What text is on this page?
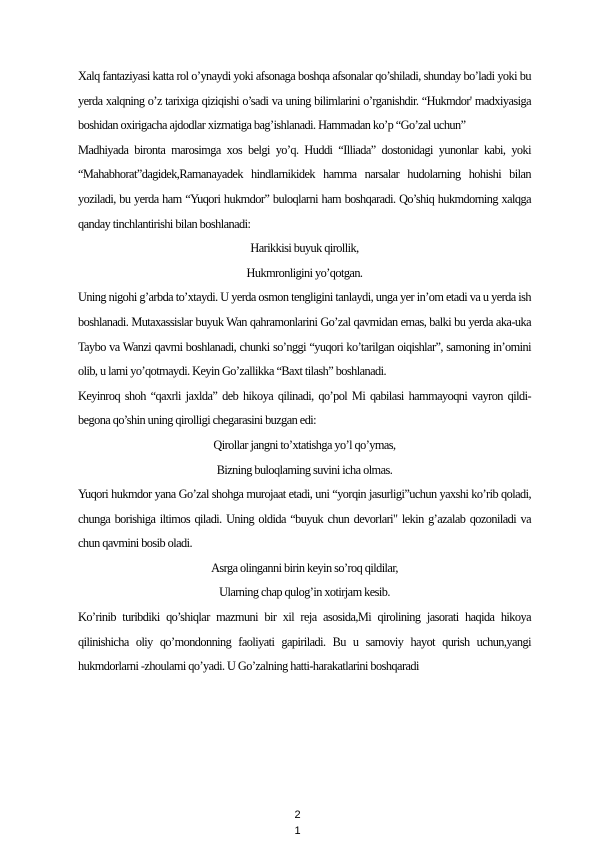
Xalq fantaziyasi katta rol o’ynaydi yoki afsonaga boshqa afsonalar qo’shiladi, shunday bo’ladi yoki bu yerda xalqning o’z tarixiga qiziqishi o’sadi va uning bilimlarini o’rganishdir. “Hukmdor' madxiyasiga boshidan oxirigacha ajdodlar xizmatiga bag’ishlanadi. Hammadan ko’p “Go’zal uchun”

Madhiyada bironta marosimga xos belgi yo’q. Huddi “Illiada” dostonidagi yunonlar kabi, yoki “Mahabhorat”dagidek,Ramanayadek hindlarnikidek hamma narsalar hudolarning hohishi bilan yoziladi, bu yerda ham “Yuqori hukmdor” buloqlarni ham boshqaradi. Qo’shiq hukmdorning xalqga qanday tinchlantirishi bilan boshlanadi:

Harikkisi buyuk qirollik,

Hukmronligini yo’qotgan.

Uning nigohi g’arbda to’xtaydi. U yerda osmon tengligini tanlaydi, unga yer in’om etadi va u yerda ish boshlanadi. Mutaxassislar buyuk Wan qahramonlarini Go’zal qavmidan emas, balki bu yerda aka-uka Taybo va Wanzi qavmi boshlanadi, chunki so’nggi “yuqori ko’tarilgan oiqishlar”, samoning in’omini olib, u lami yo’qotmaydi. Keyin Go’zallikka “Baxt tilash” boshlanadi.

Keyinroq shoh “qaxrli jaxlda” deb hikoya qilinadi, qo’pol Mi qabilasi hammayoqni vayron qildi-begona qo’shin uning qirolligi chegarasini buzgan edi:

Qirollar jangni to’xtatishga yo’l qo’ymas,

Bizning buloqlaming suvini icha olmas.

Yuqori hukmdor yana Go’zal shohga murojaat etadi, uni “yorqin jasurligi”uchun yaxshi ko’rib qoladi, chunga borishiga iltimos qiladi. Uning oldida “buyuk chun devorlari" lekin g’azalab qozoniladi va chun qavmini bosib oladi.

Asrga olinganni birin keyin so’roq qildilar,

Ularning chap qulog’in xotirjam kesib.

Ko’rinib turibdiki qo’shiqlar mazmuni bir xil reja asosida,Mi qirolining jasorati haqida hikoya qilinishicha oliy qo’mondonning faoliyati gapiriladi. Bu u samoviy hayot qurish uchun,yangi hukmdorlarni -zhoulami qo’yadi. U Go’zalning hatti-harakatlarini boshqaradi

2
1
